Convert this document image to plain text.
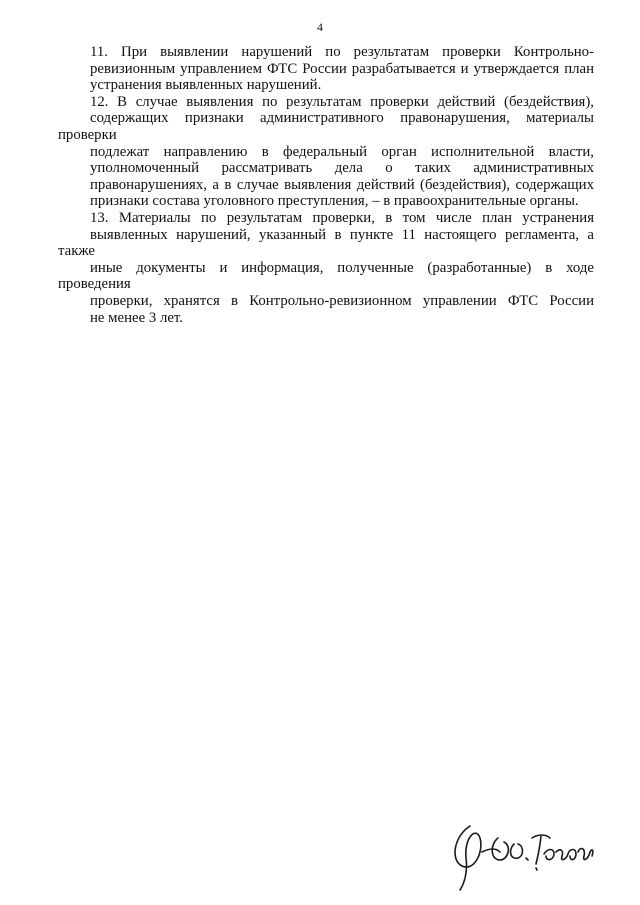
4

11. При выявлении нарушений по результатам проверки Контрольно-
ревизионным управлением ФТС России разрабатывается и утверждается план
устранения выявленных нарушений.

12. В случае выявления по результатам проверки действий (бездействия),
содержащих признаки административного правонарушения, материалы проверки
подлежат направлению в федеральный орган исполнительной власти,
уполномоченный рассматривать дела о таких административных
правонарушениях, а в случае выявления действий (бездействия), содержащих
признаки состава уголовного преступления, – в правоохранительные органы.

13. Материалы по результатам проверки, в том числе план устранения
выявленных нарушений, указанный в пункте 11 настоящего регламента, а также
иные документы и информация, полученные (разработанные) в ходе проведения
проверки, хранятся в Контрольно-ревизионном управлении ФТС России
не менее 3 лет.
